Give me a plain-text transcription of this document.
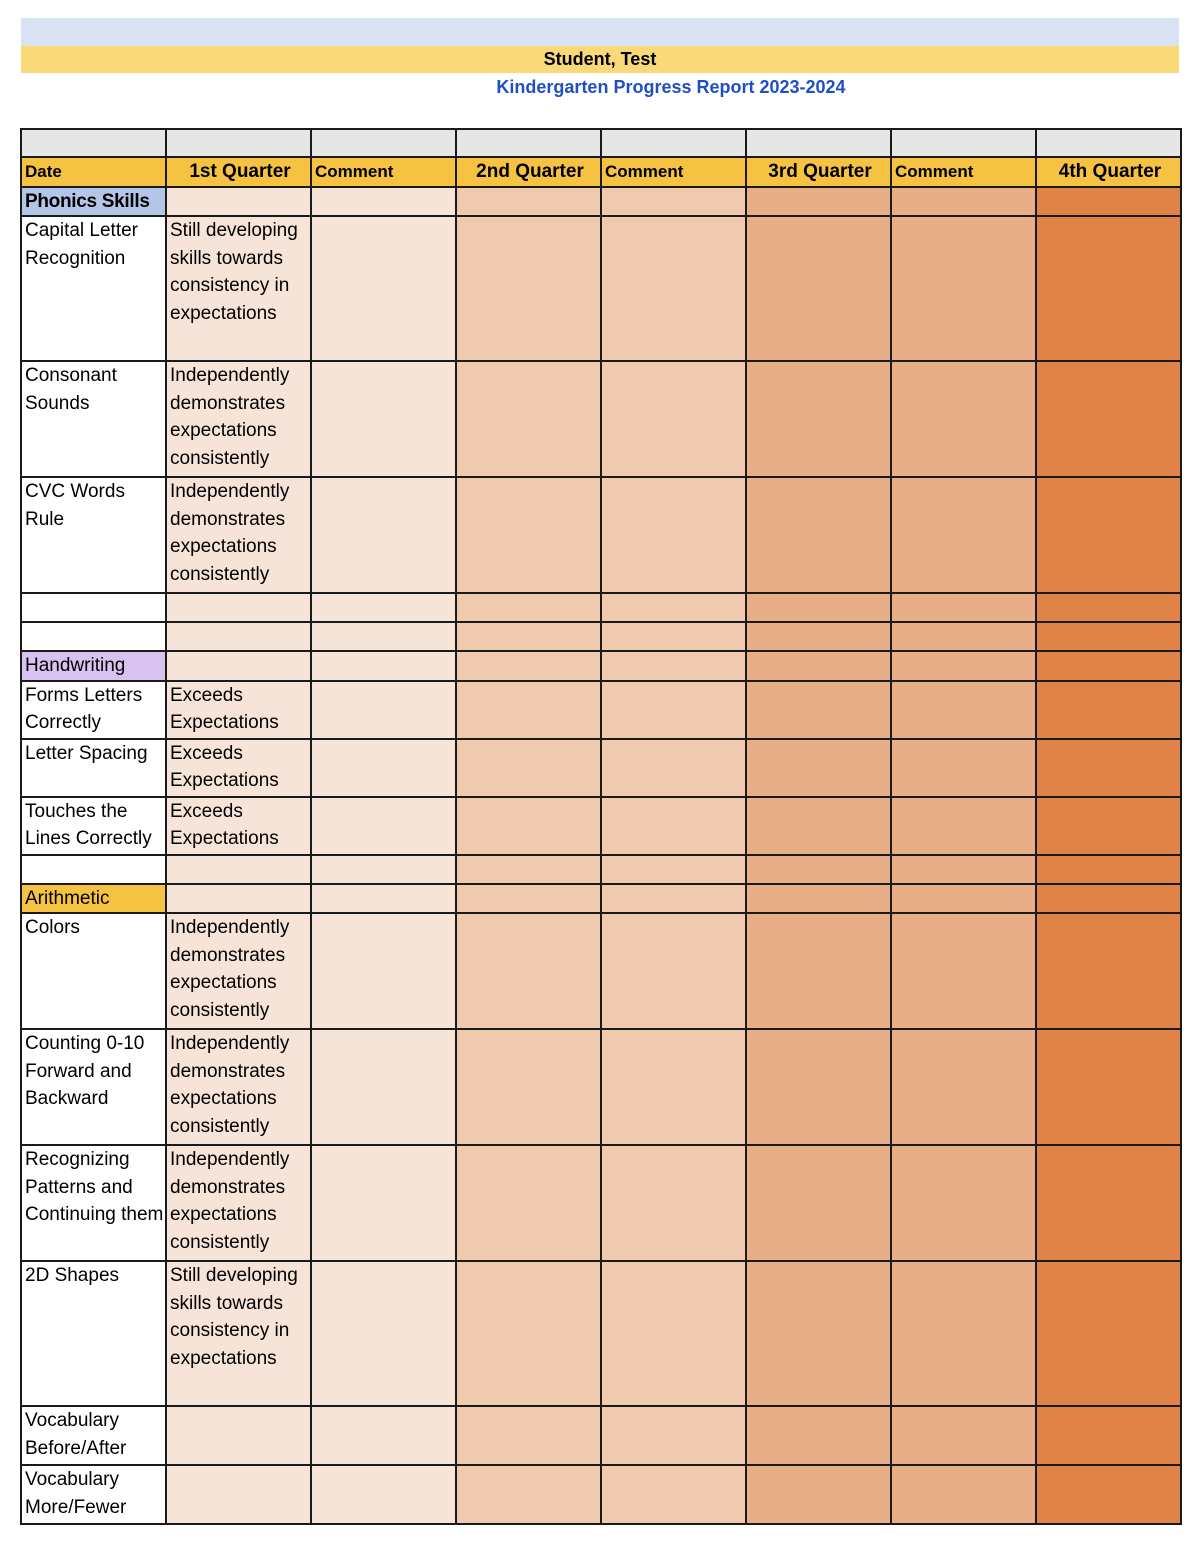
Student, Test
Kindergarten Progress Report 2023-2024

Date	1st Quarter	Comment	2nd Quarter	Comment	3rd Quarter	Comment	4th Quarter
Phonics Skills							
Capital Letter Recognition	Still developing skills towards consistency in expectations						
Consonant Sounds	Independently demonstrates expectations consistently						
CVC Words Rule	Independently demonstrates expectations consistently						

Handwriting							
Forms Letters Correctly	Exceeds Expectations						
Letter Spacing	Exceeds Expectations						
Touches the Lines Correctly	Exceeds Expectations						

Arithmetic							
Colors	Independently demonstrates expectations consistently						
Counting 0-10 Forward and Backward	Independently demonstrates expectations consistently						
Recognizing Patterns and Continuing them	Independently demonstrates expectations consistently						
2D Shapes	Still developing skills towards consistency in expectations						
Vocabulary Before/After							
Vocabulary More/Fewer							
